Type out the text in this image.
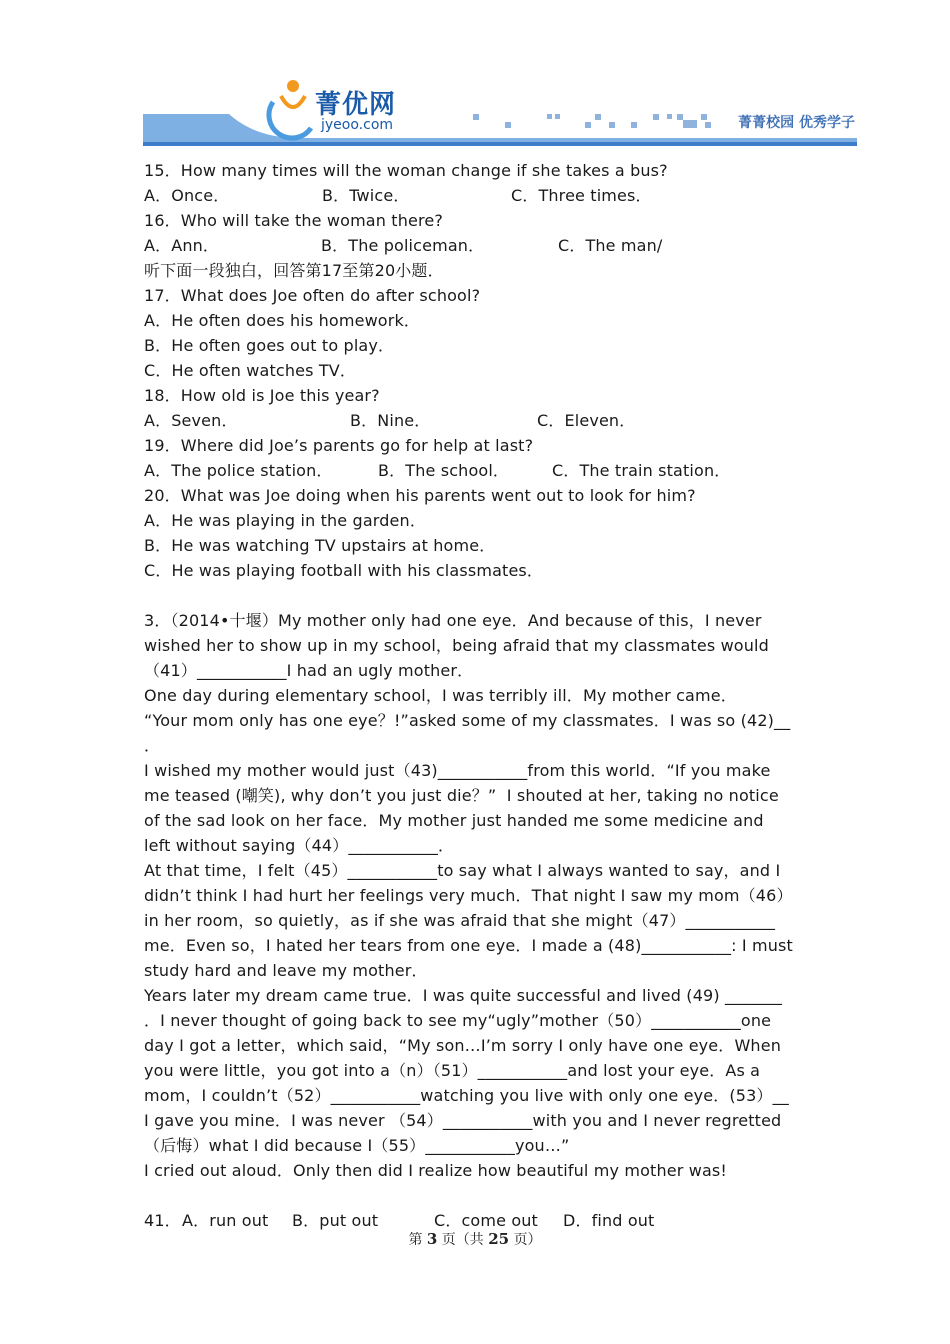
菁优网
jyeoo.com	菁菁校园 优秀学子
15．How many times will the woman change if she takes a bus?
A．Once．	B．Twice．	C．Three times．
16．Who will take the woman there?
A．Ann．	B．The policeman．	C．The man/
听下面一段独白，回答第17至第20小题．
17．What does Joe often do after school?
A．He often does his homework．
B．He often goes out to play．
C．He often watches TV．
18．How old is Joe this year?
A．Seven．	B．Nine．	C．Eleven．
19．Where did Joe’s parents go for help at last?
A．The police station．	B．The school．	C．The train station．
20．What was Joe doing when his parents went out to look for him?
A．He was playing in the garden．
B．He was watching TV upstairs at home．
C．He was playing football with his classmates．
3．（2014•十堰）My mother only had one eye．And because of this，I never
wished her to show up in my school，being afraid that my classmates would
（41）___________I had an ugly mother．
One day during elementary school，I was terribly ill．My mother came．
“Your mom only has one eye？!”asked some of my classmates．I was so (42)__
．
I wished my mother would just（43)___________from this world．“If you make
me teased (嘲笑), why don’t you just die？”  I shouted at her, taking no notice
of the sad look on her face．My mother just handed me some medicine and
left without saying（44）___________．
At that time，I felt（45）___________to say what I always wanted to say，and I
didn’t think I had hurt her feelings very much．That night I saw my mom（46）
in her room，so quietly，as if she was afraid that she might（47）___________
me．Even so，I hated her tears from one eye．I made a (48)___________: I must
study hard and leave my mother．
Years later my dream came true．I was quite successful and lived (49) _______
．I never thought of going back to see my“ugly”mother（50）___________one
day I got a letter，which said，“My son…I’m sorry I only have one eye．When
you were little，you got into a（n）（51）___________and lost your eye．As a
mom，I couldn’t（52）___________watching you live with only one eye．(53）__
I gave you mine．I was never （54）___________with you and I never regretted
（后悔）what I did because I（55）___________you…”
I cried out aloud．Only then did I realize how beautiful my mother was!
41．A．run out B．put out	C．come out D．find out
第 3 页（共 25 页）
